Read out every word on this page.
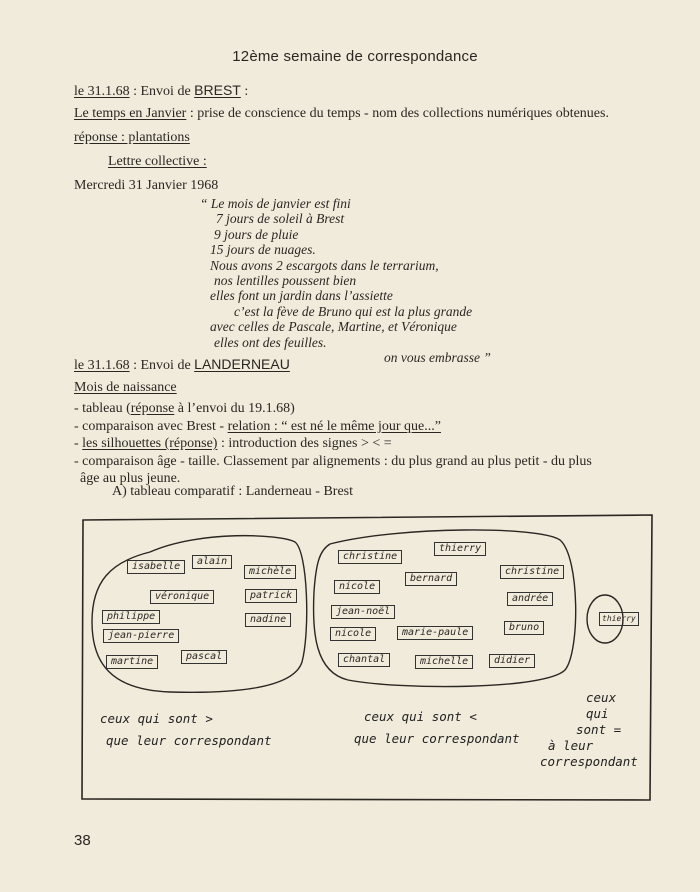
12ème semaine de correspondance
le 31.1.68 : Envoi de BREST :
Le temps en Janvier : prise de conscience du temps - nom des collections numériques obtenues.
réponse : plantations
Lettre collective :
Mercredi 31 Janvier 1968
“ Le mois de janvier est fini
7 jours de soleil à Brest
9 jours de pluie
15 jours de nuages.
Nous avons 2 escargots dans le terrarium,
nos lentilles poussent bien
elles font un jardin dans l’assiette
c’est la fève de Bruno qui est la plus grande
avec celles de Pascale, Martine, et Véronique
elles ont des feuilles.
on vous embrasse ”
le 31.1.68 : Envoi de LANDERNEAU
Mois de naissance
- tableau (réponse à l’envoi du 19.1.68)
- comparaison avec Brest - relation : “ est né le même jour que...”
- les silhouettes (réponse) : introduction des signes > < =
- comparaison âge - taille. Classement par alignements : du plus grand au plus petit - du plus
âge au plus jeune.
A) tableau comparatif : Landerneau - Brest
isabelle	alain
michèle
véronique	patrick
philippe	nadine
jean-pierre
martine	pascal
christine
thierry
nicole
bernard
christine
jean-noël
andrée
nicole	marie-paule	bruno
chantal	michelle	didier
thierry
ceux qui sont >
que leur correspondant
ceux qui sont <
que leur correspondant
ceux
qui
sont =
à leur
correspondant
38
